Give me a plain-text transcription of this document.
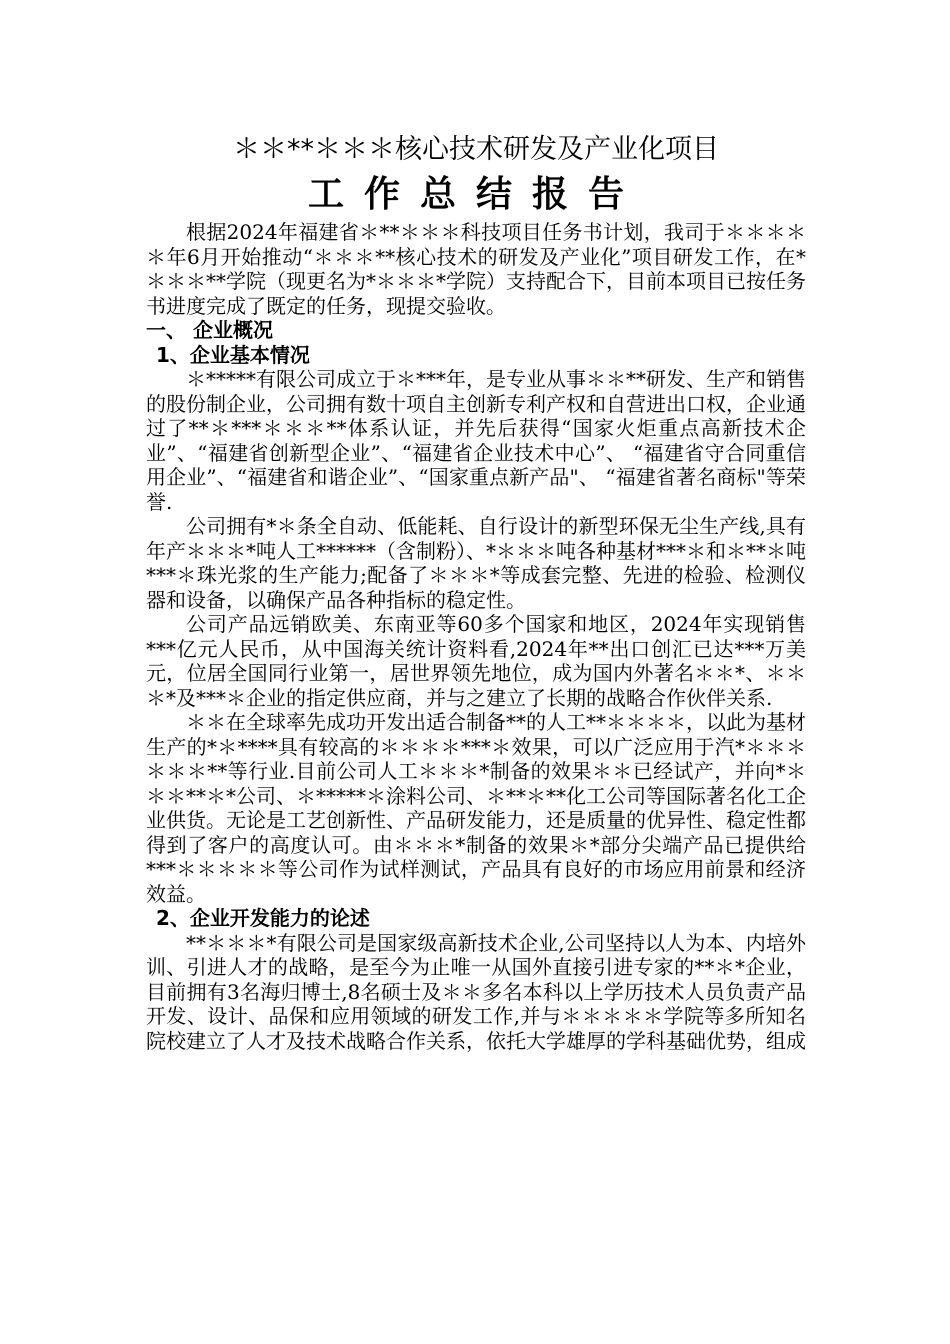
＊＊**＊＊＊核心技术研发及产业化项目
工作总结报告

根据2024年福建省＊**＊＊＊科技项目任务书计划，我司于＊＊＊＊＊年6月开始推动“＊＊＊**核心技术的研发及产业化”项目研发工作，在*＊＊＊**学院（现更名为*＊＊＊*学院）支持配合下，目前本项目已按任务书进度完成了既定的任务，现提交验收。

一、 企业概况
1、企业基本情况

＊*****有限公司成立于＊***年，是专业从事＊＊**研发、生产和销售的股份制企业，公司拥有数十项自主创新专利产权和自营进出口权，企业通过了**＊***＊＊＊**体系认证，并先后获得“国家火炬重点高新技术企业”、“福建省创新型企业”、“福建省企业技术中心”、 “福建省守合同重信用企业”、“福建省和谐企业”、“国家重点新产品"、 “福建省著名商标"等荣誉.

公司拥有*＊条全自动、低能耗、自行设计的新型环保无尘生产线,具有年产＊＊＊*吨人工******（含制粉）、*＊＊＊吨各种基材***＊和＊**＊吨***＊珠光浆的生产能力;配备了＊＊＊*等成套完整、先进的检验、检测仪器和设备，以确保产品各种指标的稳定性。

公司产品远销欧美、东南亚等60多个国家和地区，2024年实现销售***亿元人民币，从中国海关统计资料看,2024年**出口创汇已达***万美元，位居全国同行业第一，居世界领先地位，成为国内外著名＊＊*、＊＊＊*及***＊企业的指定供应商，并与之建立了长期的战略合作伙伴关系.

＊＊在全球率先成功开发出适合制备**的人工**＊＊＊＊，以此为基材生产的*＊****具有较高的＊＊＊＊***＊效果，可以广泛应用于汽*＊＊＊＊＊＊**等行业.目前公司人工＊＊＊*制备的效果＊＊已经试产，并向*＊＊＊**＊*公司、＊*****＊涂料公司、＊**＊**化工公司等国际著名化工企业供货。无论是工艺创新性、产品研发能力，还是质量的优异性、稳定性都得到了客户的高度认可。由＊＊＊*制备的效果＊*部分尖端产品已提供给***＊＊＊＊＊等公司作为试样测试，产品具有良好的市场应用前景和经济效益。

2、企业开发能力的论述

**＊＊＊*有限公司是国家级高新技术企业,公司坚持以人为本、内培外训、引进人才的战略，是至今为止唯一从国外直接引进专家的**＊*企业，目前拥有3名海归博士,8名硕士及＊＊多名本科以上学历技术人员负责产品开发、设计、品保和应用领域的研发工作,并与＊＊＊＊＊学院等多所知名院校建立了人才及技术战略合作关系，依托大学雄厚的学科基础优势，组成
